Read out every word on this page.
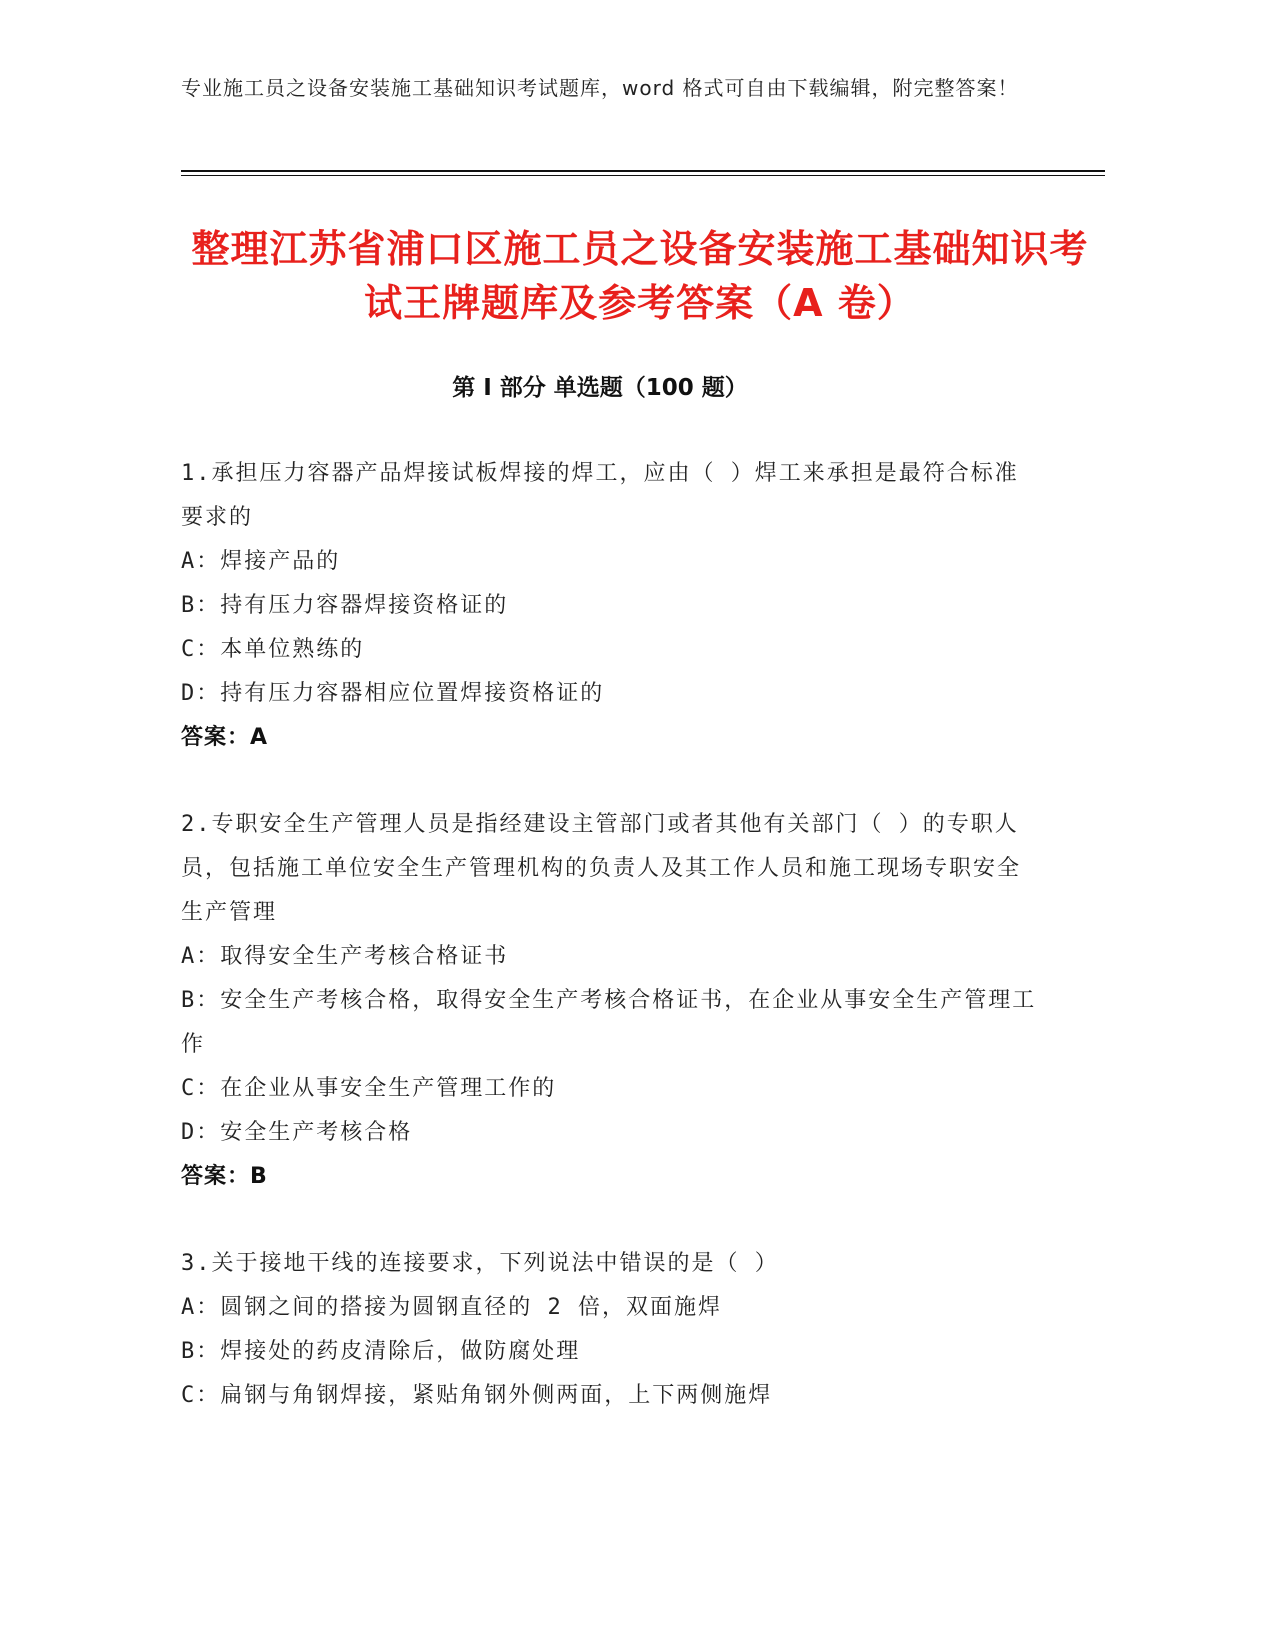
专业施工员之设备安装施工基础知识考试题库，word 格式可自由下载编辑，附完整答案！
整理江苏省浦口区施工员之设备安装施工基础知识考试王牌题库及参考答案（A 卷）
第 I 部分 单选题（100 题）

1.承担压力容器产品焊接试板焊接的焊工，应由（ ）焊工来承担是最符合标准要求的

A：焊接产品的

B：持有压力容器焊接资格证的

C：本单位熟练的

D：持有压力容器相应位置焊接资格证的

答案：A

2.专职安全生产管理人员是指经建设主管部门或者其他有关部门（ ）的专职人员，包括施工单位安全生产管理机构的负责人及其工作人员和施工现场专职安全生产管理

A：取得安全生产考核合格证书

B：安全生产考核合格，取得安全生产考核合格证书，在企业从事安全生产管理工作

C：在企业从事安全生产管理工作的

D：安全生产考核合格

答案：B

3.关于接地干线的连接要求，下列说法中错误的是（ ）

A：圆钢之间的搭接为圆钢直径的 2 倍，双面施焊

B：焊接处的药皮清除后，做防腐处理

C：扁钢与角钢焊接，紧贴角钢外侧两面，上下两侧施焊
